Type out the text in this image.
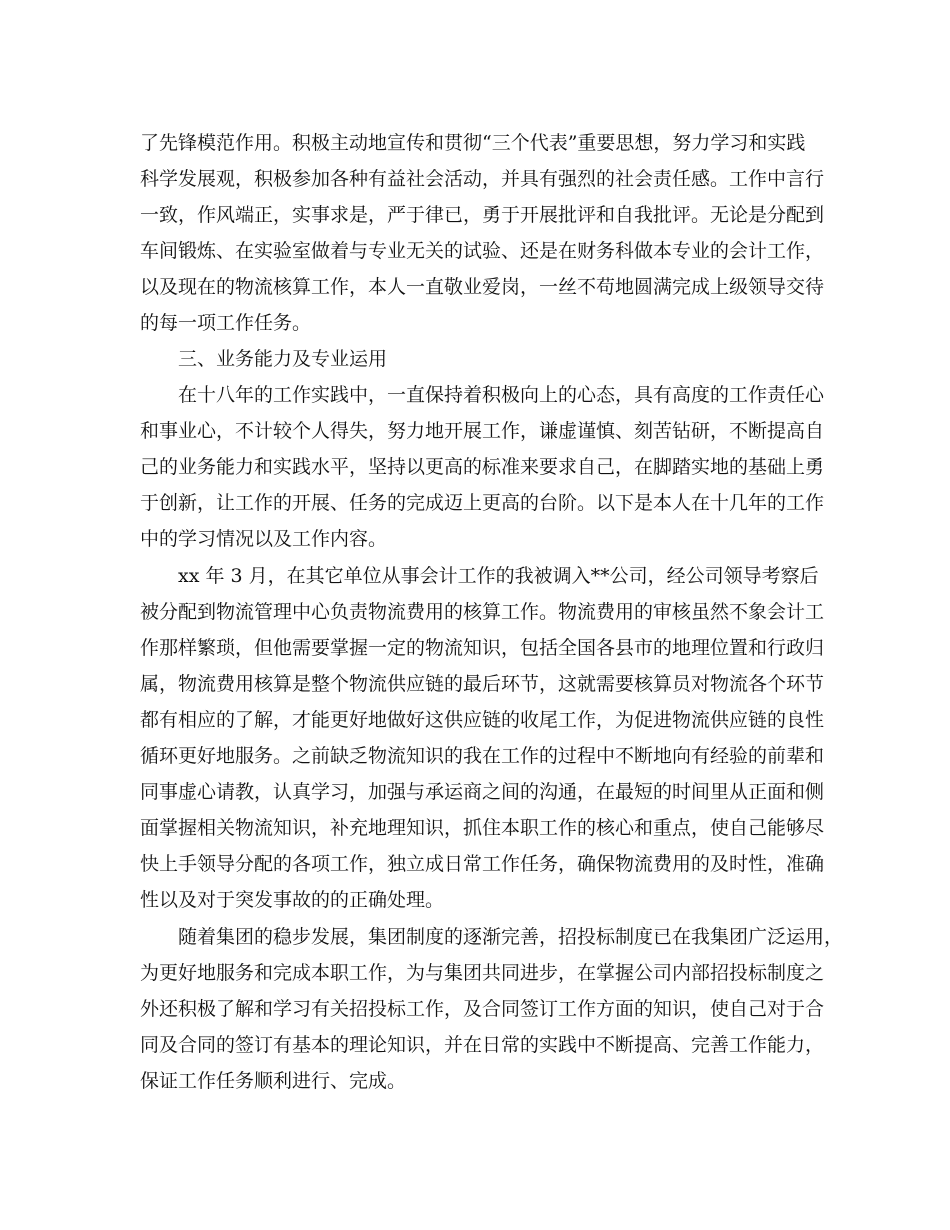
了先锋模范作用。积极主动地宣传和贯彻“三个代表”重要思想，努力学习和实践

科学发展观，积极参加各种有益社会活动，并具有强烈的社会责任感。工作中言行

一致，作风端正，实事求是，严于律已，勇于开展批评和自我批评。无论是分配到

车间锻炼、在实验室做着与专业无关的试验、还是在财务科做本专业的会计工作，

以及现在的物流核算工作，本人一直敬业爱岗，一丝不苟地圆满完成上级领导交待

的每一项工作任务。

三、业务能力及专业运用

在十八年的工作实践中，一直保持着积极向上的心态，具有高度的工作责任心

和事业心，不计较个人得失，努力地开展工作，谦虚谨慎、刻苦钻研，不断提高自

己的业务能力和实践水平，坚持以更高的标准来要求自己，在脚踏实地的基础上勇

于创新，让工作的开展、任务的完成迈上更高的台阶。以下是本人在十几年的工作

中的学习情况以及工作内容。

xx 年 3 月，在其它单位从事会计工作的我被调入**公司，经公司领导考察后

被分配到物流管理中心负责物流费用的核算工作。物流费用的审核虽然不象会计工

作那样繁琐，但他需要掌握一定的物流知识，包括全国各县市的地理位置和行政归

属，物流费用核算是整个物流供应链的最后环节，这就需要核算员对物流各个环节

都有相应的了解，才能更好地做好这供应链的收尾工作，为促进物流供应链的良性

循环更好地服务。之前缺乏物流知识的我在工作的过程中不断地向有经验的前辈和

同事虚心请教，认真学习，加强与承运商之间的沟通，在最短的时间里从正面和侧

面掌握相关物流知识，补充地理知识，抓住本职工作的核心和重点，使自己能够尽

快上手领导分配的各项工作，独立成日常工作任务，确保物流费用的及时性，准确

性以及对于突发事故的的正确处理。

随着集团的稳步发展，集团制度的逐渐完善，招投标制度已在我集团广泛运用，

为更好地服务和完成本职工作，为与集团共同进步，在掌握公司内部招投标制度之

外还积极了解和学习有关招投标工作，及合同签订工作方面的知识，使自己对于合

同及合同的签订有基本的理论知识，并在日常的实践中不断提高、完善工作能力，

保证工作任务顺利进行、完成。
